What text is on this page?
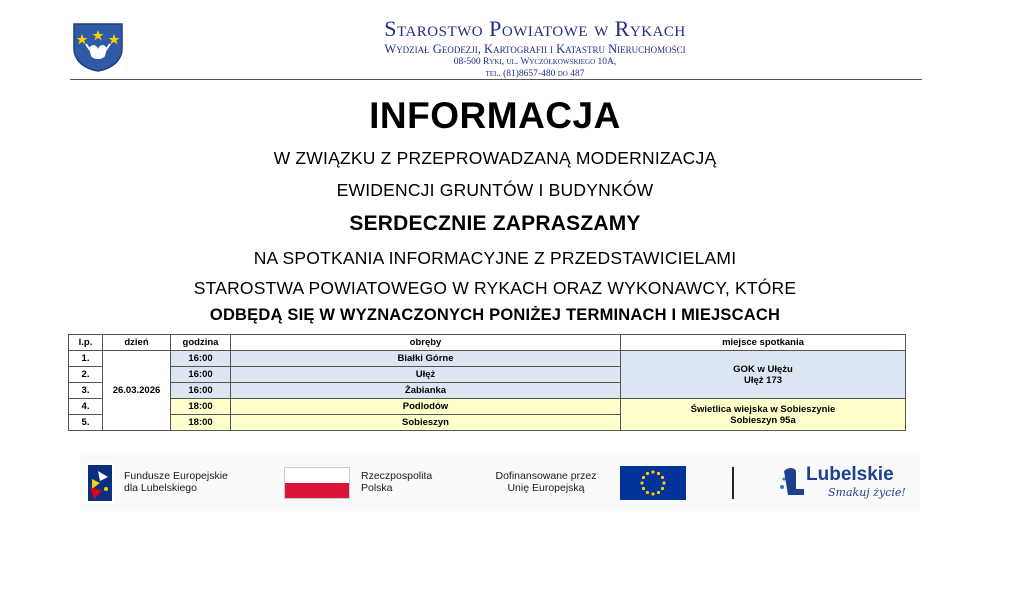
Starostwo Powiatowe w Rykach
Wydział Geodezji, Kartografii i Katastru Nieruchomości
08-500 Ryki, ul. Wyczółkowskiego 10A,
tel. (81)8657-480 do 487
INFORMACJA
W ZWIĄZKU Z PRZEPROWADZANĄ MODERNIZACJĄ
EWIDENCJI GRUNTÓW I BUDYNKÓW
SERDECZNIE ZAPRASZAMY
NA SPOTKANIA INFORMACYJNE Z PRZEDSTAWICIELAMI
STAROSTWA POWIATOWEGO W RYKACH ORAZ WYKONAWCY, KTÓRE
ODBĘDĄ SIĘ W WYZNACZONYCH PONIŻEJ TERMINACH I MIEJSCACH
l.p.	dzień	godzina	obręby	miejsce spotkania
1.	26.03.2026	16:00	Białki Górne	GOK w Ułężu
Ułęż 173

2.		16:00	Ułęż	
3.		16:00	Żabianka	
4.		18:00	Podlodów	Świetlica wiejska w Sobieszynie
Sobieszyn 95a

5.		18:00	Sobieszyn	
Fundusze Europejskie
dla Lubelskiego
Rzeczpospolita
Polska
Dofinansowane przez
Unię Europejską
Lubelskie
Smakuj życie!
